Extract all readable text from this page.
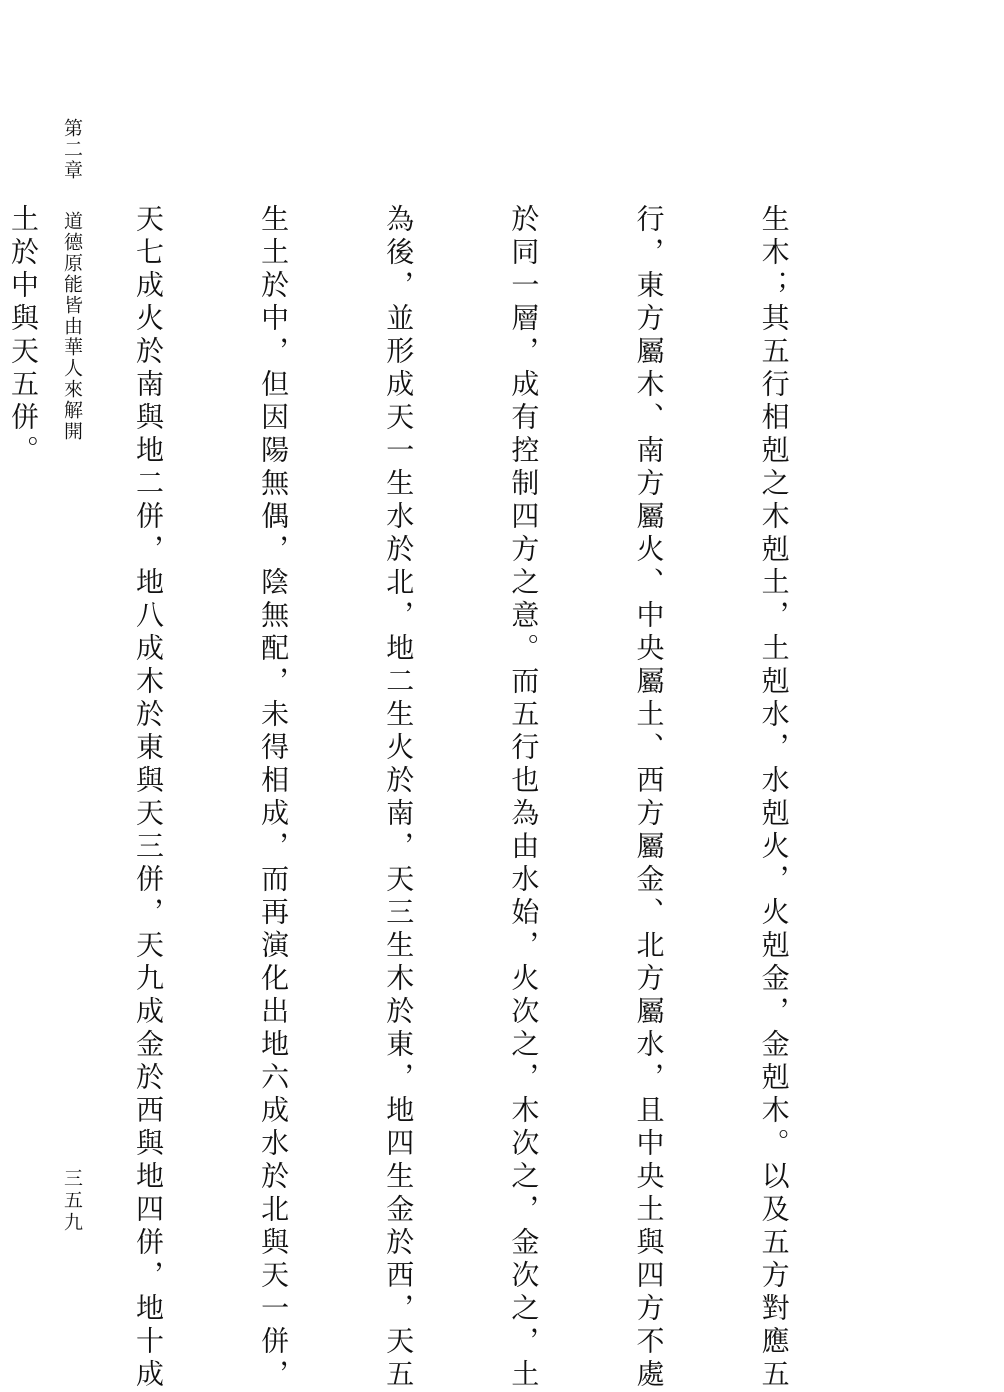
第二章道德原能皆由華人來解開
三五九

	生木；其五行相剋之木剋土，土剋水，水剋火，火剋金，金剋木。以及五方對應五

行，東方屬木、南方屬火、中央屬土、西方屬金、北方屬水，且中央土與四方不處

於同一層，成有控制四方之意。而五行也為由水始，火次之，木次之，金次之，土

為後，並形成天一生水於北，地二生火於南，天三生木於東，地四生金於西，天五

生土於中，但因陽無偶，陰無配，未得相成，而再演化出地六成水於北與天一併，

天七成火於南與地二併，地八成木於東與天三併，天九成金於西與地四併，地十成

土於中與天五併。
